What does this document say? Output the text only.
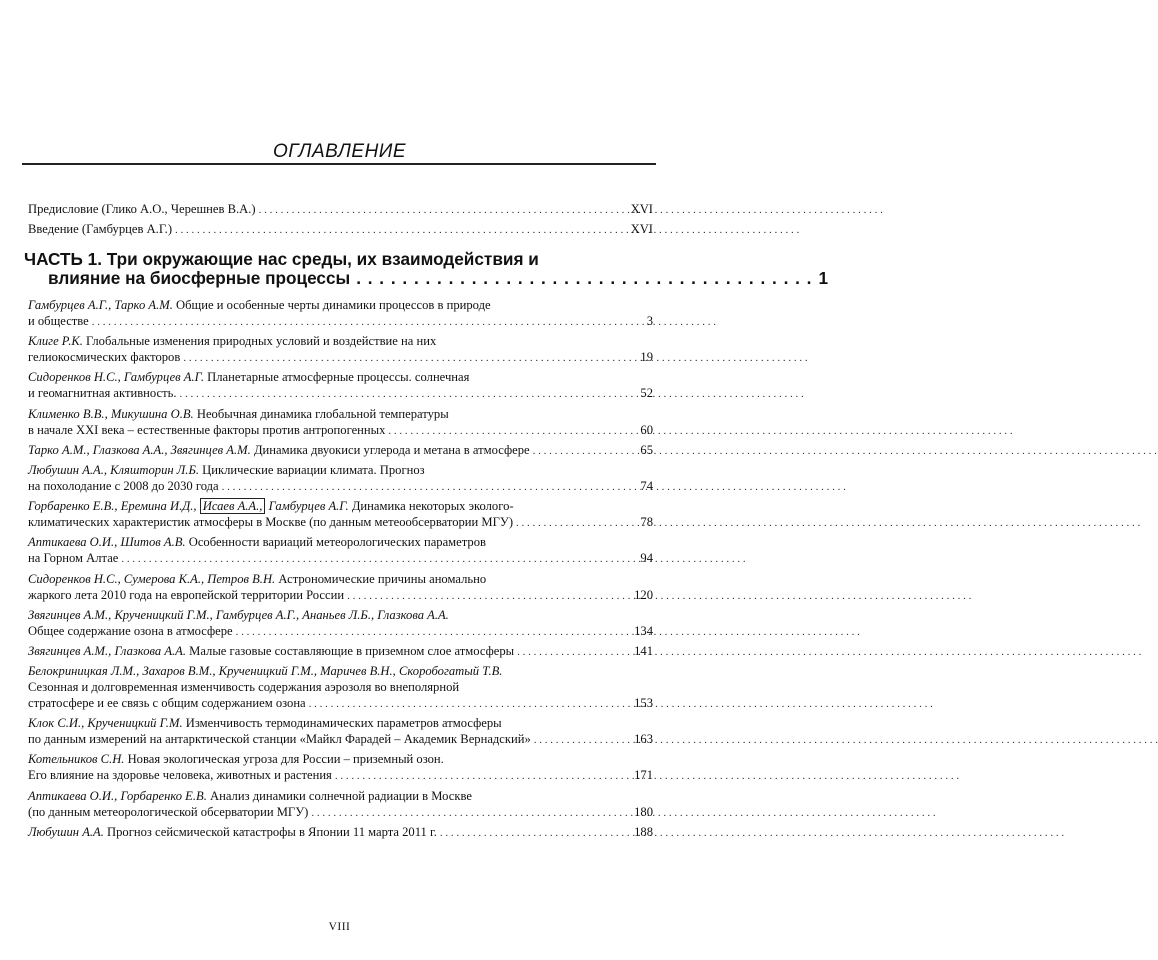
ОГЛАВЛЕНИЕ
Предисловие (Глико А.О., Черешнев В.А.) . . .	XVI
Введение (Гамбурцев А.Г.) . . .	XVI
ЧАСТЬ 1. Три окружающие нас среды, их взаимодействия и
влияние на биосферные процессы . . .	1
Гамбурцев А.Г., Тарко А.М. Общие и особенные черты динамики процессов в природе
и обществе . . .	3
Клиге Р.К. Глобальные изменения природных условий и воздействие на них
гелиокосмических факторов . . .	19
Сидоренков Н.С., Гамбурцев А.Г. Планетарные атмосферные процессы. солнечная
и геомагнитная активность. . . .	52
Клименко В.В., Микушина О.В. Необычная динамика глобальной температуры
в начале XXI века – естественные факторы против антропогенных . . .	60
Тарко А.М., Глазкова А.А., Звягинцев А.М. Динамика двуокиси углерода и метана в атмосфере . . .	65
Любушин А.А., Кляшторин Л.Б. Циклические вариации климата. Прогноз
на похолодание с 2008 до 2030 года . . .	74
Горбаренко Е.В., Еремина И.Д., Исаев А.А., Гамбурцев А.Г. Динамика некоторых эколого-
климатических характеристик атмосферы в Москве (по данным метеообсерватории МГУ) . . .	78
Аптикаева О.И., Шитов А.В. Особенности вариаций метеорологических параметров
на Горном Алтае . . .	94
Сидоренков Н.С., Сумерова К.А., Петров В.Н. Астрономические причины аномально
жаркого лета 2010 года на европейской территории России . . .	120
Звягинцев А.М., Крученицкий Г.М., Гамбурцев А.Г., Ананьев Л.Б., Глазкова А.А.
Общее содержание озона в атмосфере . . .	134
Звягинцев А.М., Глазкова А.А. Малые газовые составляющие в приземном слое атмосферы . . .	141
Белокриницкая Л.М., Захаров В.М., Крученицкий Г.М., Маричев В.Н., Скоробогатый Т.В.
Сезонная и долговременная изменчивость содержания аэрозоля во внеполярной
стратосфере и ее связь с общим содержанием озона . . .	153
Клок С.И., Крученицкий Г.М. Изменчивость термодинамических параметров атмосферы
по данным измерений на антарктической станции «Майкл Фарадей – Академик Вернадский» . . .	163
Котельников С.Н. Новая экологическая угроза для России – приземный озон.
Его влияние на здоровье человека, животных и растения . . .	171
Аптикаева О.И., Горбаренко Е.В. Анализ динамики солнечной радиации в Москве
(по данным метеорологической обсерватории МГУ) . . .	180
Любушин А.А. Прогноз сейсмической катастрофы в Японии 11 марта 2011 г. . . .	188
VIII
